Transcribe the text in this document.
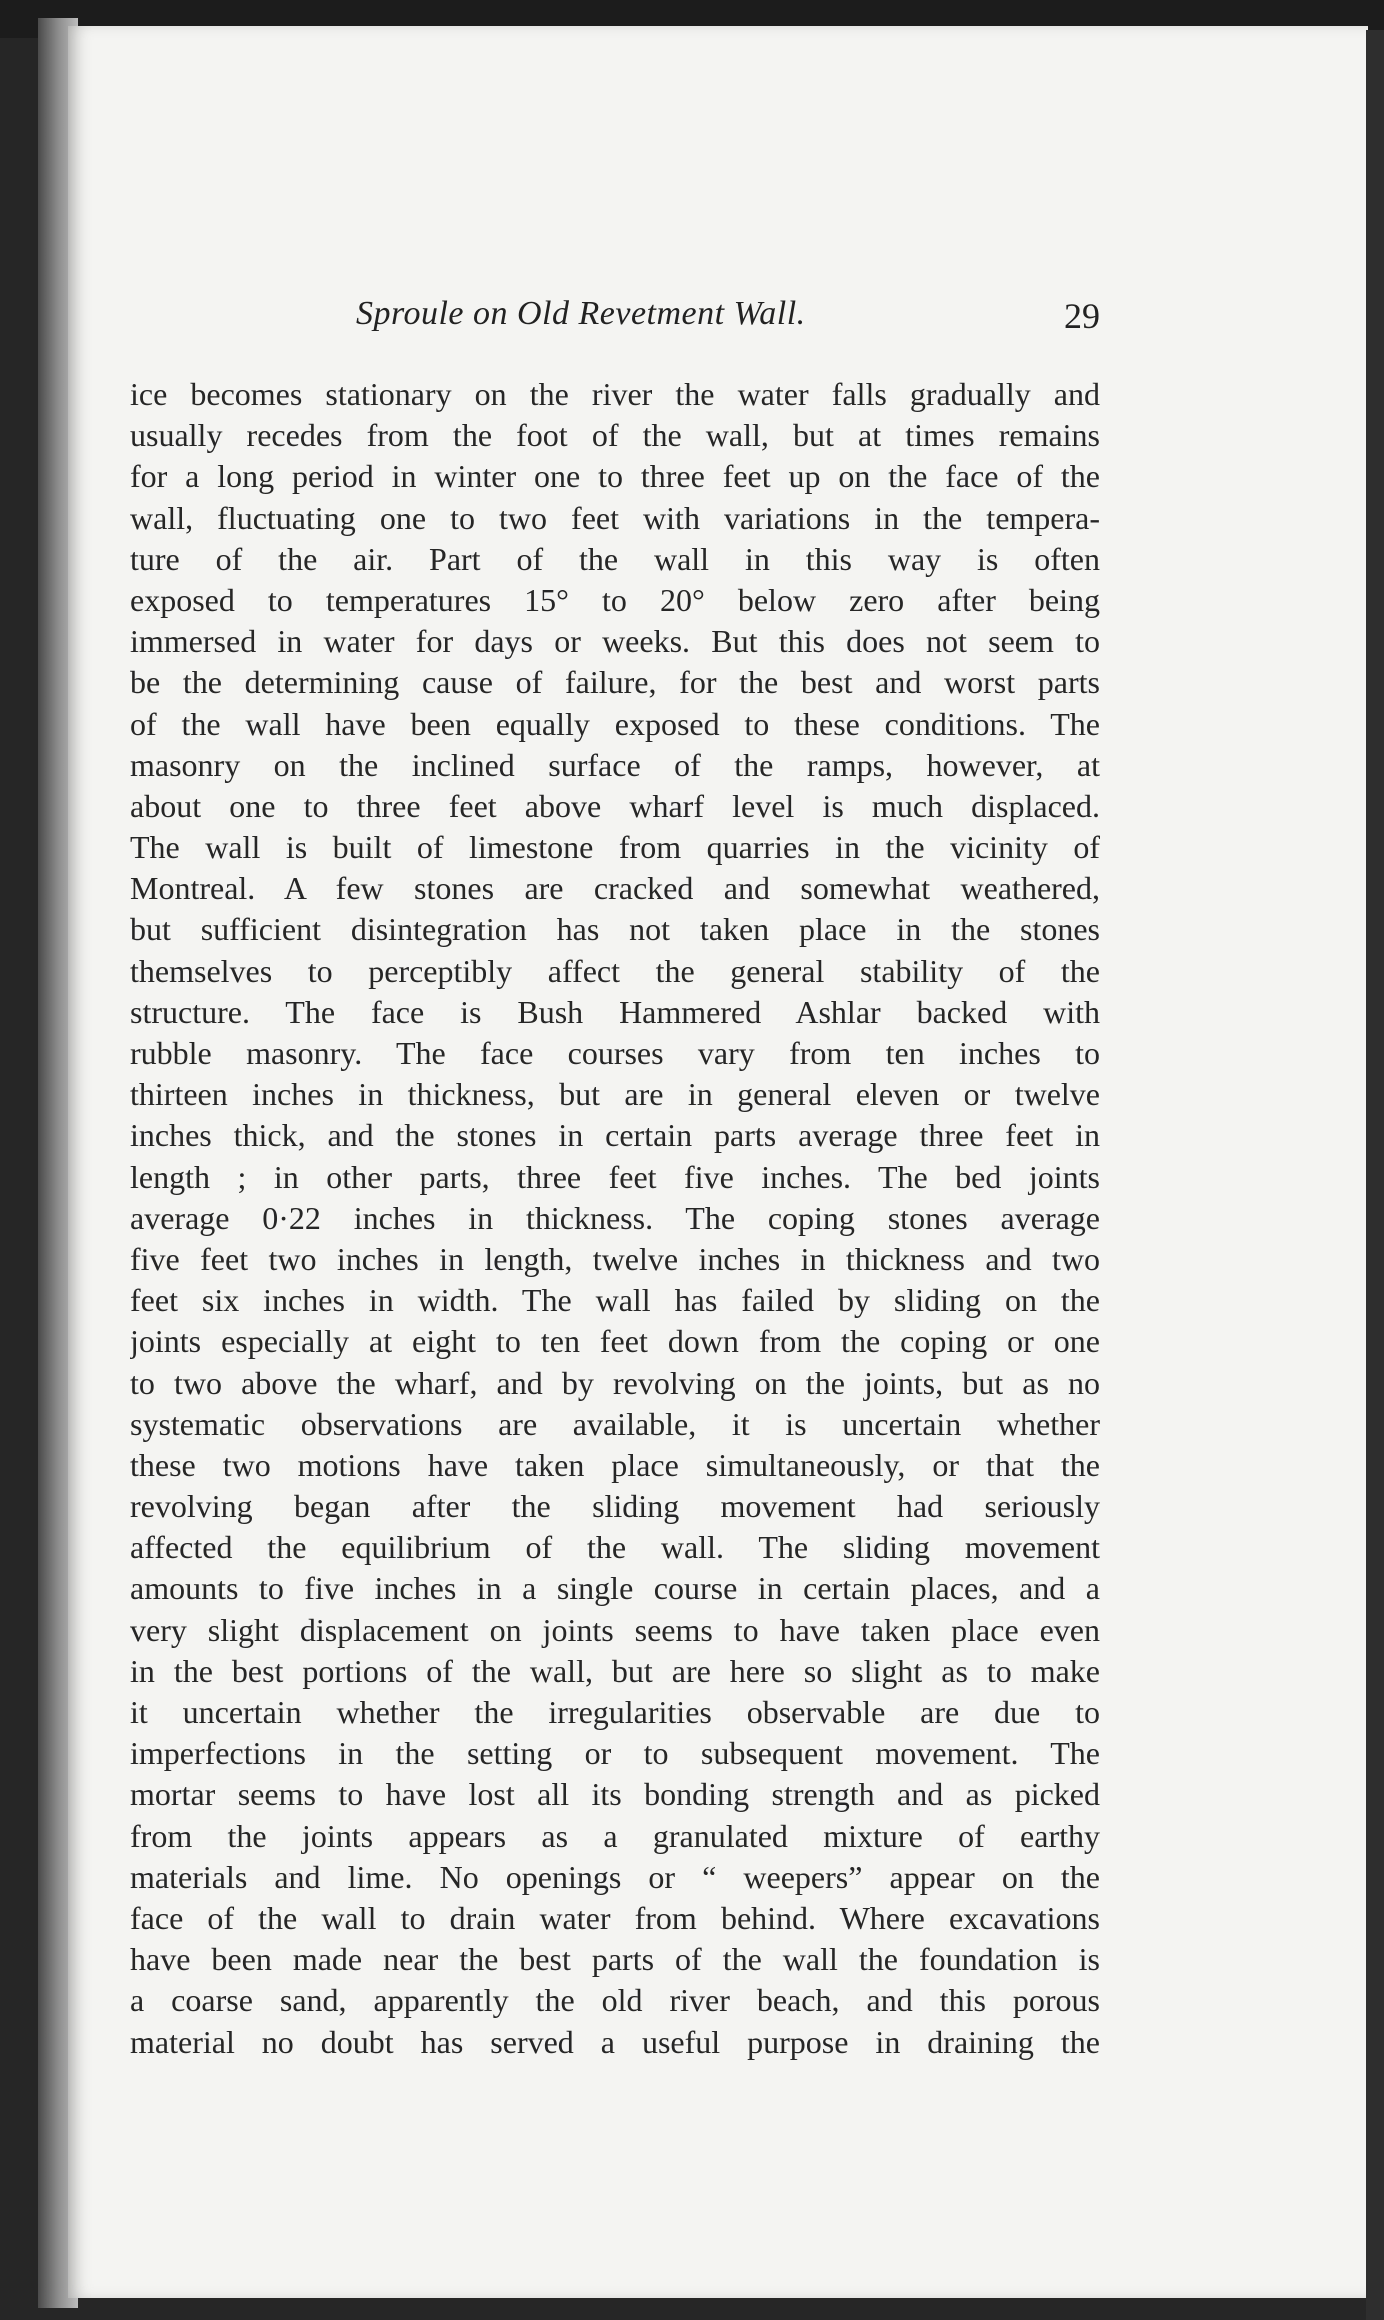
Sproule on Old Revetment Wall.	29
ice becomes stationary on the river the water falls gradually and
usually recedes from the foot of the wall, but at times remains
for a long period in winter one to three feet up on the face of the
wall, fluctuating one to two feet with variations in the tempera-
ture of the air. Part of the wall in this way is often
exposed to temperatures 15° to 20° below zero after being
immersed in water for days or weeks. But this does not seem to
be the determining cause of failure, for the best and worst parts
of the wall have been equally exposed to these conditions. The
masonry on the inclined surface of the ramps, however, at
about one to three feet above wharf level is much displaced.
The wall is built of limestone from quarries in the vicinity of
Montreal. A few stones are cracked and somewhat weathered,
but sufficient disintegration has not taken place in the stones
themselves to perceptibly affect the general stability of the
structure. The face is Bush Hammered Ashlar backed with
rubble masonry. The face courses vary from ten inches to
thirteen inches in thickness, but are in general eleven or twelve
inches thick, and the stones in certain parts average three feet in
length ; in other parts, three feet five inches. The bed joints
average 0·22 inches in thickness. The coping stones average
five feet two inches in length, twelve inches in thickness and two
feet six inches in width. The wall has failed by sliding on the
joints especially at eight to ten feet down from the coping or one
to two above the wharf, and by revolving on the joints, but as no
systematic observations are available, it is uncertain whether
these two motions have taken place simultaneously, or that the
revolving began after the sliding movement had seriously
affected the equilibrium of the wall. The sliding movement
amounts to five inches in a single course in certain places, and a
very slight displacement on joints seems to have taken place even
in the best portions of the wall, but are here so slight as to make
it uncertain whether the irregularities observable are due to
imperfections in the setting or to subsequent movement. The
mortar seems to have lost all its bonding strength and as picked
from the joints appears as a granulated mixture of earthy
materials and lime. No openings or “ weepers” appear on the
face of the wall to drain water from behind. Where excavations
have been made near the best parts of the wall the foundation is
a coarse sand, apparently the old river beach, and this porous
material no doubt has served a useful purpose in draining the
